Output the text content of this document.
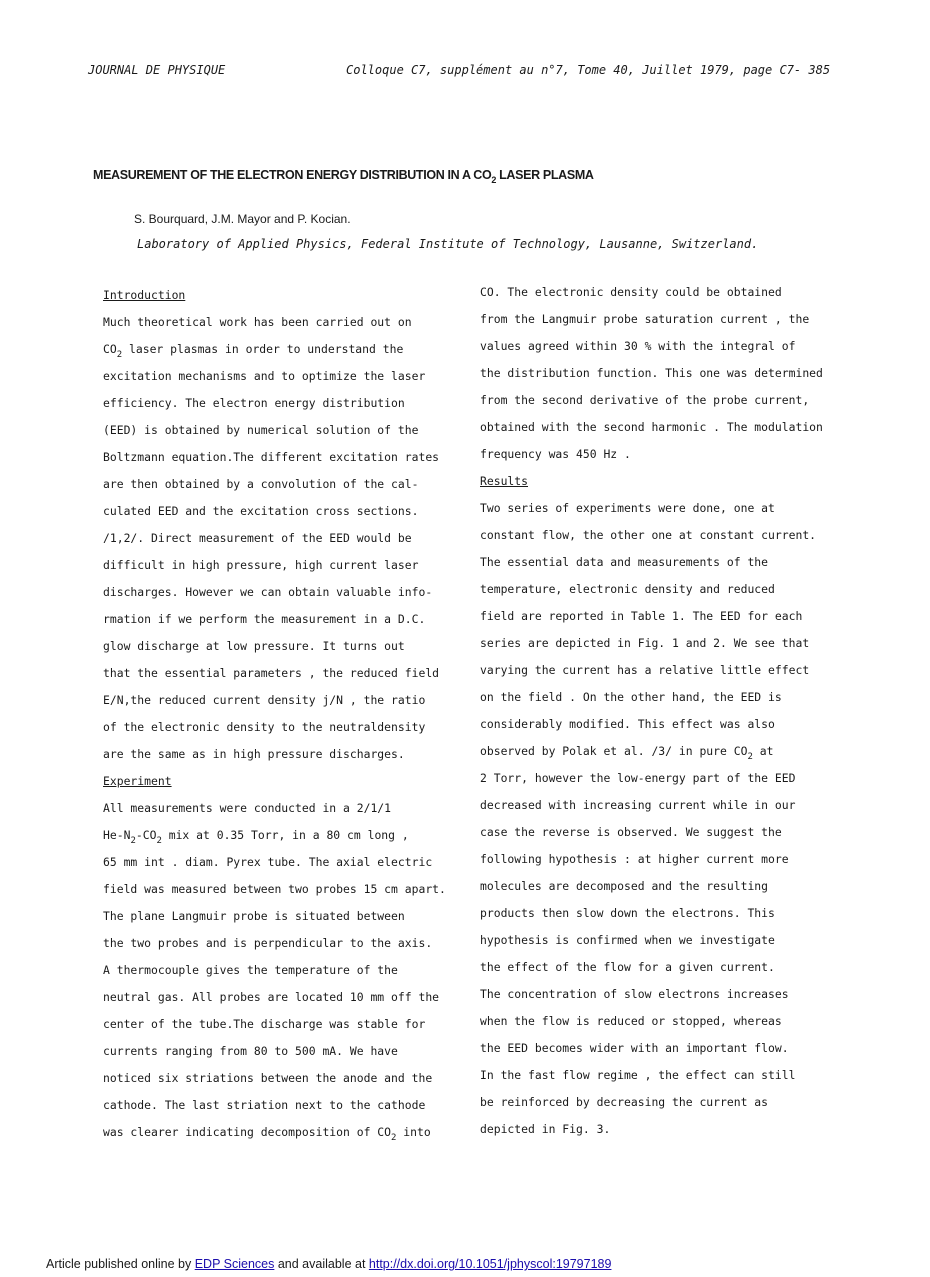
JOURNAL DE PHYSIQUE	Colloque C7, supplément au n°7, Tome 40, Juillet 1979, page C7- 385
MEASUREMENT OF THE ELECTRON ENERGY DISTRIBUTION IN A $CO_2$ LASER PLASMA
S. Bourquard, J.M. Mayor and P. Kocian.
Laboratory of Applied Physics, Federal Institute of Technology, Lausanne, Switzerland.
Introduction
Much theoretical work has been carried out on
$CO_2$ laser plasmas in order to understand the
excitation mechanisms and to optimize the laser
efficiency. The electron energy distribution
(EED) is obtained by numerical solution of the
Boltzmann equation.The different excitation rates
are then obtained by a convolution of the cal-
culated EED and the excitation cross sections.
/1,2/. Direct measurement of the EED would be
difficult in high pressure, high current laser
discharges. However we can obtain valuable info-
rmation if we perform the measurement in a D.C.
glow discharge at low pressure. It turns out
that the essential parameters , the reduced field
E/N,the reduced current density j/N , the ratio
of the electronic density to the neutraldensity
are the same as in high pressure discharges.
Experiment
All measurements were conducted in a 2/1/1
$He-N_2-CO_2$ mix at 0.35 Torr, in a 80 cm long ,
65 mm int . diam. Pyrex tube. The axial electric
field was measured between two probes 15 cm apart.
The plane Langmuir probe is situated between
the two probes and is perpendicular to the axis.
A thermocouple gives the temperature of the
neutral gas. All probes are located 10 mm off the
center of the tube.The discharge was stable for
currents ranging from 80 to 500 mA. We have
noticed six striations between the anode and the
cathode. The last striation next to the cathode
was clearer indicating decomposition of $CO_2$ into
CO. The electronic density could be obtained
from the Langmuir probe saturation current , the
values agreed within 30 % with the integral of
the distribution function. This one was determined
from the second derivative of the probe current,
obtained with the second harmonic . The modulation
frequency was 450 Hz .
Results
Two series of experiments were done, one at
constant flow, the other one at constant current.
The essential data and measurements of the
temperature, electronic density and reduced
field are reported in Table 1. The EED for each
series are depicted in Fig. 1 and 2. We see that
varying the current has a relative little effect
on the field . On the other hand, the EED is
considerably modified. This effect was also
observed by Polak et al. /3/ in pure $CO_2$ at
2 Torr, however the low-energy part of the EED
decreased with increasing current while in our
case the reverse is observed. We suggest the
following hypothesis : at higher current more
molecules are decomposed and the resulting
products then slow down the electrons. This
hypothesis is confirmed when we investigate
the effect of the flow for a given current.
The concentration of slow electrons increases
when the flow is reduced or stopped, whereas
the EED becomes wider with an important flow.
In the fast flow regime , the effect can still
be reinforced by decreasing the current as
depicted in Fig. 3.
Article published online by EDP Sciences and available at http://dx.doi.org/10.1051/jphyscol:19797189
